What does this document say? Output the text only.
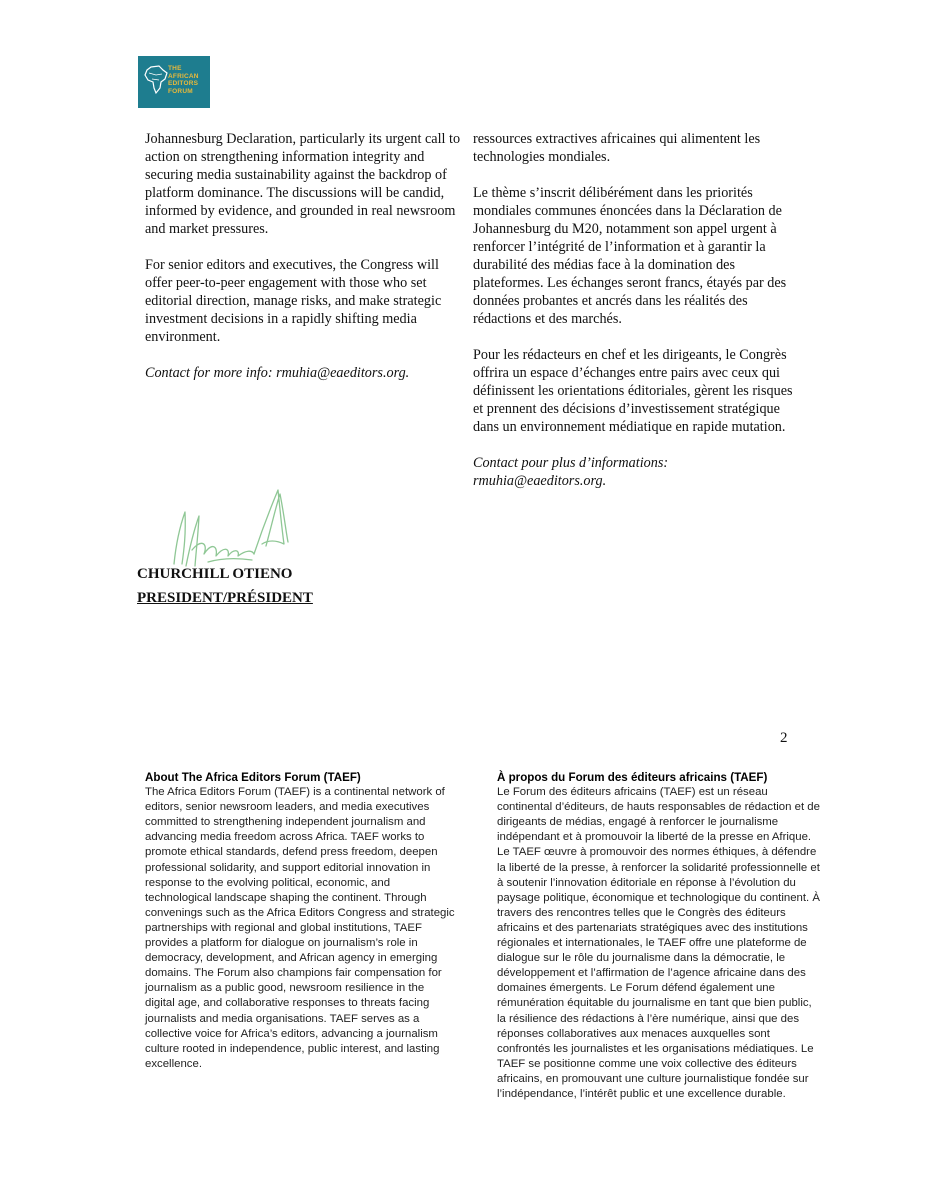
THE
AFRICAN
EDITORS
FORUM

Johannesburg Declaration, particularly its urgent call to action on strengthening information integrity and securing media sustainability against the backdrop of platform dominance. The discussions will be candid, informed by evidence, and grounded in real newsroom and market pressures.

For senior editors and executives, the Congress will offer peer-to-peer engagement with those who set editorial direction, manage risks, and make strategic investment decisions in a rapidly shifting media environment.

Contact for more info: rmuhia@eaeditors.org.

ressources extractives africaines qui alimentent les technologies mondiales.

Le thème s’inscrit délibérément dans les priorités mondiales communes énoncées dans la Déclaration de Johannesburg du M20, notamment son appel urgent à renforcer l’intégrité de l’information et à garantir la durabilité des médias face à la domination des plateformes. Les échanges seront francs, étayés par des données probantes et ancrés dans les réalités des rédactions et des marchés.

Pour les rédacteurs en chef et les dirigeants, le Congrès offrira un espace d’échanges entre pairs avec ceux qui définissent les orientations éditoriales, gèrent les risques et prennent des décisions d’investissement stratégique dans un environnement médiatique en rapide mutation.

Contact pour plus d’informations: rmuhia@eaeditors.org.

CHURCHILL OTIENO
PRESIDENT/PRÉSIDENT
2
About The Africa Editors Forum (TAEF)

The Africa Editors Forum (TAEF) is a continental network of editors, senior newsroom leaders, and media executives committed to strengthening independent journalism and advancing media freedom across Africa. TAEF works to promote ethical standards, defend press freedom, deepen professional solidarity, and support editorial innovation in response to the evolving political, economic, and technological landscape shaping the continent. Through convenings such as the Africa Editors Congress and strategic partnerships with regional and global institutions, TAEF provides a platform for dialogue on journalism’s role in democracy, development, and African agency in emerging domains. The Forum also champions fair compensation for journalism as a public good, newsroom resilience in the digital age, and collaborative responses to threats facing journalists and media organisations. TAEF serves as a collective voice for Africa’s editors, advancing a journalism culture rooted in independence, public interest, and lasting excellence.

À propos du Forum des éditeurs africains (TAEF)

Le Forum des éditeurs africains (TAEF) est un réseau continental d’éditeurs, de hauts responsables de rédaction et de dirigeants de médias, engagé à renforcer le journalisme indépendant et à promouvoir la liberté de la presse en Afrique. Le TAEF œuvre à promouvoir des normes éthiques, à défendre la liberté de la presse, à renforcer la solidarité professionnelle et à soutenir l’innovation éditoriale en réponse à l’évolution du paysage politique, économique et technologique du continent. À travers des rencontres telles que le Congrès des éditeurs africains et des partenariats stratégiques avec des institutions régionales et internationales, le TAEF offre une plateforme de dialogue sur le rôle du journalisme dans la démocratie, le développement et l’affirmation de l’agence africaine dans des domaines émergents. Le Forum défend également une rémunération équitable du journalisme en tant que bien public, la résilience des rédactions à l’ère numérique, ainsi que des réponses collaboratives aux menaces auxquelles sont confrontés les journalistes et les organisations médiatiques. Le TAEF se positionne comme une voix collective des éditeurs africains, en promouvant une culture journalistique fondée sur l’indépendance, l’intérêt public et une excellence durable.
